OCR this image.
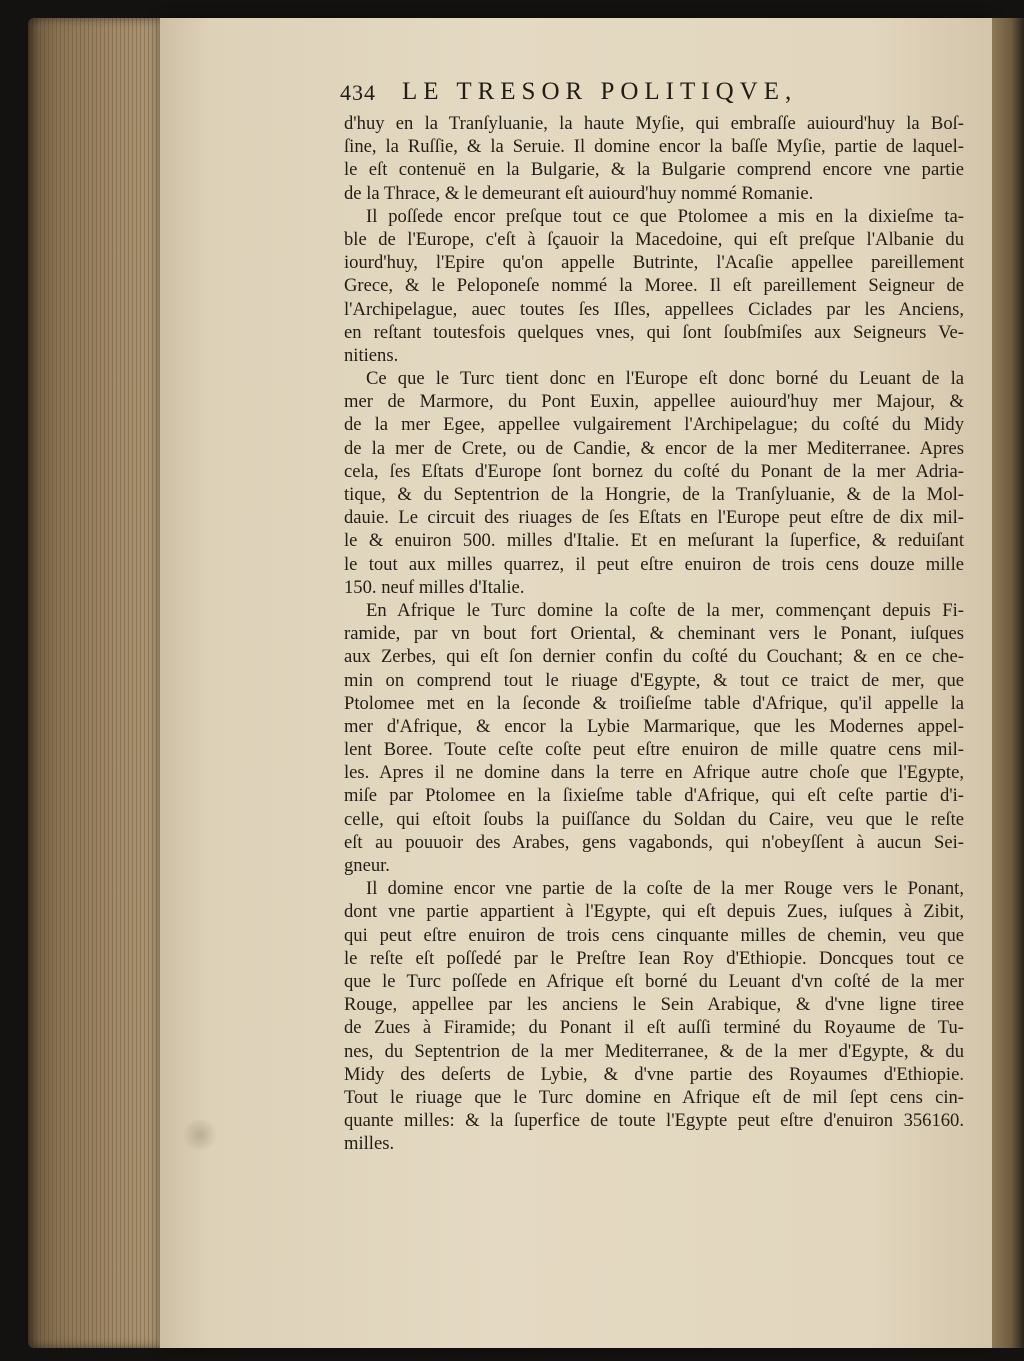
434 LE TRESOR POLITIQVE,
d'huy en la Tranſyluanie, la haute Myſie, qui embraſſe auiourd'huy la Boſ-
ſine, la Ruſſie, & la Seruie. Il domine encor la baſſe Myſie, partie de laquel-
le eſt contenuë en la Bulgarie, & la Bulgarie comprend encore vne partie
de la Thrace, & le demeurant eſt auiourd'huy nommé Romanie.
Il poſſede encor preſque tout ce que Ptolomee a mis en la dixieſme ta-
ble de l'Europe, c'eſt à ſçauoir la Macedoine, qui eſt preſque l'Albanie du
iourd'huy, l'Epire qu'on appelle Butrinte, l'Acaſie appellee pareillement
Grece, & le Peloponeſe nommé la Moree. Il eſt pareillement Seigneur de
l'Archipelague, auec toutes ſes Iſles, appellees Ciclades par les Anciens,
en reſtant toutesfois quelques vnes, qui ſont ſoubſmiſes aux Seigneurs Ve-
nitiens.
Ce que le Turc tient donc en l'Europe eſt donc borné du Leuant de la
mer de Marmore, du Pont Euxin, appellee auiourd'huy mer Majour, &
de la mer Egee, appellee vulgairement l'Archipelague; du coſté du Midy
de la mer de Crete, ou de Candie, & encor de la mer Mediterranee. Apres
cela, ſes Eſtats d'Europe ſont bornez du coſté du Ponant de la mer Adria-
tique, & du Septentrion de la Hongrie, de la Tranſyluanie, & de la Mol-
dauie. Le circuit des riuages de ſes Eſtats en l'Europe peut eſtre de dix mil-
le & enuiron 500. milles d'Italie. Et en meſurant la ſuperfice, & reduiſant
le tout aux milles quarrez, il peut eſtre enuiron de trois cens douze mille
150. neuf milles d'Italie.
En Afrique le Turc domine la coſte de la mer, commençant depuis Fi-
ramide, par vn bout fort Oriental, & cheminant vers le Ponant, iuſques
aux Zerbes, qui eſt ſon dernier confin du coſté du Couchant; & en ce che-
min on comprend tout le riuage d'Egypte, & tout ce traict de mer, que
Ptolomee met en la ſeconde & troiſieſme table d'Afrique, qu'il appelle la
mer d'Afrique, & encor la Lybie Marmarique, que les Modernes appel-
lent Boree. Toute ceſte coſte peut eſtre enuiron de mille quatre cens mil-
les. Apres il ne domine dans la terre en Afrique autre choſe que l'Egypte,
miſe par Ptolomee en la ſixieſme table d'Afrique, qui eſt ceſte partie d'i-
celle, qui eſtoit ſoubs la puiſſance du Soldan du Caire, veu que le reſte
eſt au pouuoir des Arabes, gens vagabonds, qui n'obeyſſent à aucun Sei-
gneur.
Il domine encor vne partie de la coſte de la mer Rouge vers le Ponant,
dont vne partie appartient à l'Egypte, qui eſt depuis Zues, iuſques à Zibit,
qui peut eſtre enuiron de trois cens cinquante milles de chemin, veu que
le reſte eſt poſſedé par le Preſtre Iean Roy d'Ethiopie. Doncques tout ce
que le Turc poſſede en Afrique eſt borné du Leuant d'vn coſté de la mer
Rouge, appellee par les anciens le Sein Arabique, & d'vne ligne tiree
de Zues à Firamide; du Ponant il eſt auſſi terminé du Royaume de Tu-
nes, du Septentrion de la mer Mediterranee, & de la mer d'Egypte, & du
Midy des deſerts de Lybie, & d'vne partie des Royaumes d'Ethiopie.
Tout le riuage que le Turc domine en Afrique eſt de mil ſept cens cin-
quante milles: & la ſuperfice de toute l'Egypte peut eſtre d'enuiron 356160.
milles.
